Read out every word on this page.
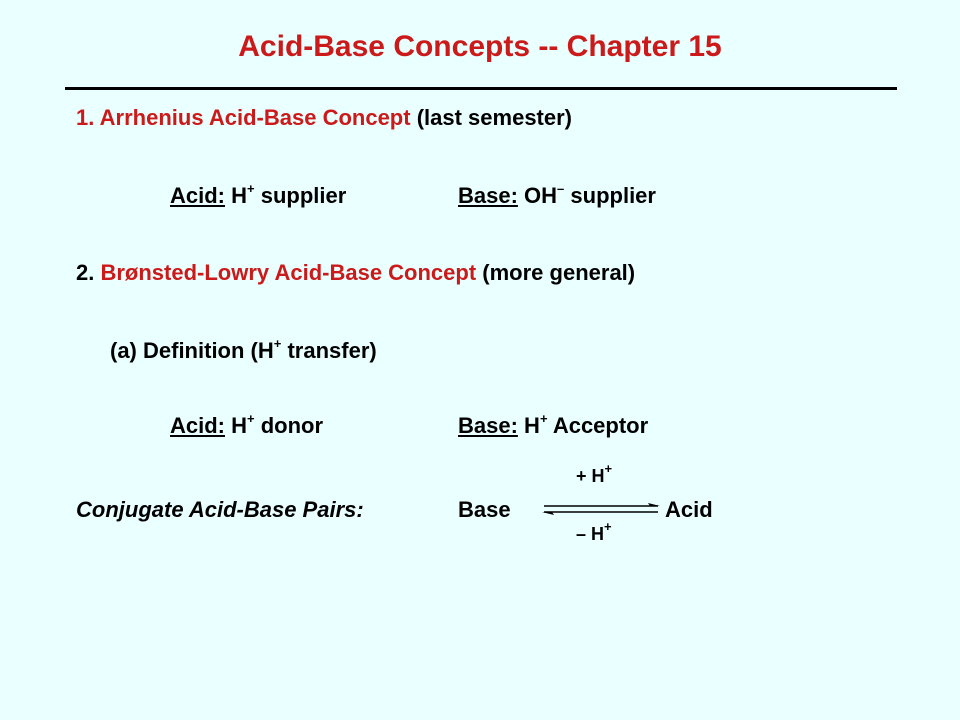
Acid-Base Concepts -- Chapter 15
1. Arrhenius Acid-Base Concept (last semester)
Acid: H+ supplier	Base: OH– supplier
2. Brønsted-Lowry Acid-Base Concept (more general)
(a) Definition (H+ transfer)
Acid: H+ donor	Base: H+ Acceptor
+ H+
Conjugate Acid-Base Pairs:	Base	Acid
– H+
